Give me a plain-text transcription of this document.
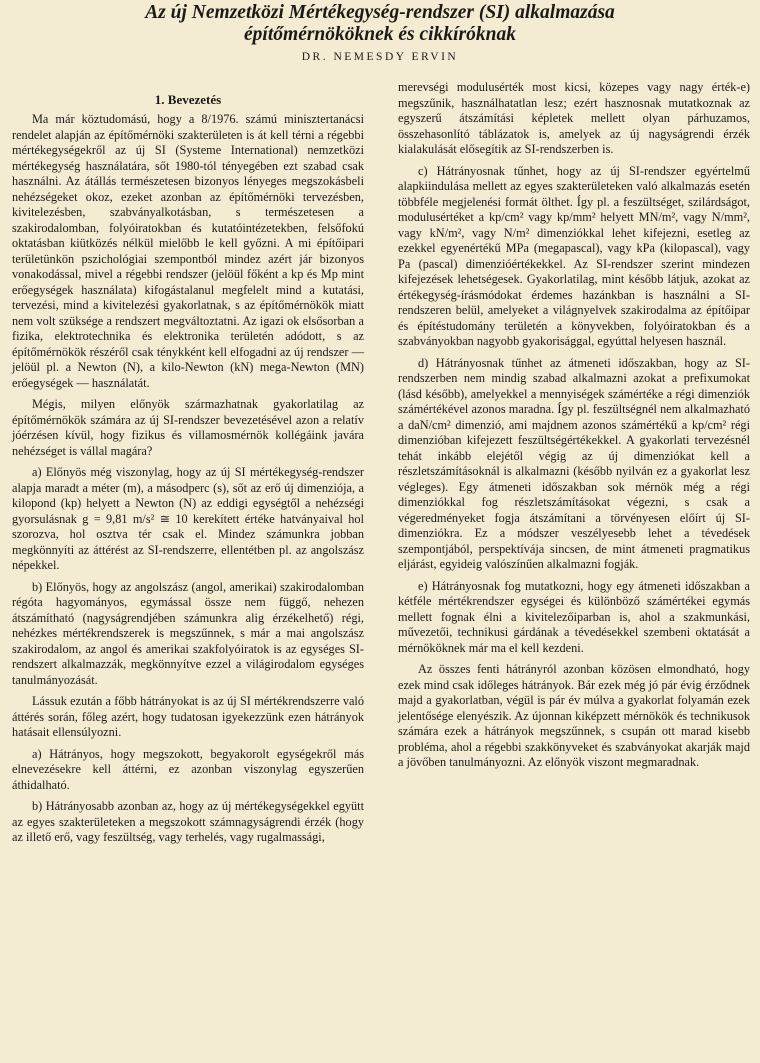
Az új Nemzetközi Mértékegység-rendszer (SI) alkalmazása
építőmérnököknek és cikkíróknak
DR. NEMESDY ERVIN
1. Bevezetés

Ma már köztudomású, hogy a 8/1976. számú minisztertanácsi rendelet alapján az építőmérnöki szakterületen is át kell térni a régebbi mértékegységekről az új SI (Systeme International) nemzetközi mértékegység használatára, sőt 1980-tól tényegében ezt szabad csak használni. Az átállás természetesen bizonyos lényeges megszokásbeli nehézségeket okoz, ezeket azonban az építőmérnöki tervezésben, kivitelezésben, szabványalkotásban, s természetesen a szakirodalomban, folyóiratokban és kutatóintézetekben, felsőfokú oktatásban kiütközés nélkül mielőbb le kell győzni. A mi építőipari területünkön pszichológiai szempontból mindez azért jár bizonyos vonakodással, mivel a régebbi rendszer (jelöül főként a kp és Mp mint erőegységek használata) kifogástalanul megfelelt mind a kutatási, tervezési, mind a kivitelezési gyakorlatnak, s az építőmérnökök miatt nem volt szüksége a rendszert megváltoztatni. Az igazi ok elsősorban a fizika, elektrotechnika és elektronika területén adódott, s az építőmérnökök részéről csak ténykként kell elfogadni az új rendszer — jelöül pl. a Newton (N), a kilo-Newton (kN) mega-Newton (MN) erőegységek — használatát.

Mégis, milyen előnyök származhatnak gyakorlatilag az építőmérnökök számára az új SI-rendszer bevezetésével azon a relatív jóérzésen kívül, hogy fizikus és villamosmérnök kollégáink javára nehézséget is vállal magára?

a) Előnyös még viszonylag, hogy az új SI mértékegység-rendszer alapja maradt a méter (m), a másodperc (s), sőt az erő új dimenziója, a kilopond (kp) helyett a Newton (N) az eddigi egységtől a nehézségi gyorsulásnak g = 9,81 m/s² ≅ 10 kerekített értéke hatványaival hol szorozva, hol osztva tér csak el. Mindez számunkra jobban megkönnyíti az áttérést az SI-rendszerre, ellentétben pl. az angolszász népekkel.

b) Előnyös, hogy az angolszász (angol, amerikai) szakirodalomban régóta hagyományos, egymással össze nem függő, nehezen átszámítható (nagyságrendjében számunkra alig érzékelhető) régi, nehézkes mértékrendszerek is megszűnnek, s már a mai angolszász szakirodalom, az angol és amerikai szakfolyóiratok is az egységes SI-rendszert alkalmazzák, megkönnyítve ezzel a világirodalom egységes tanulmányozását.

Lássuk ezután a főbb hátrányokat is az új SI mértékrendszerre való áttérés során, főleg azért, hogy tudatosan igyekezzünk ezen hátrányok hatásait ellensúlyozni.

a) Hátrányos, hogy megszokott, begyakorolt egységekről más elnevezésekre kell áttérni, ez azonban viszonylag egyszerűen áthidalható.

b) Hátrányosabb azonban az, hogy az új mértékegységekkel együtt az egyes szakterületeken a megszokott számnagyságrendi érzék (hogy az illető erő, vagy feszültség, vagy terhelés, vagy rugalmassági,

merevségi modulusérték most kicsi, közepes vagy nagy érték-e) megszűnik, használhatatlan lesz; ezért hasznosnak mutatkoznak az egyszerű átszámítási képletek mellett olyan párhuzamos, összehasonlító táblázatok is, amelyek az új nagyságrendi érzék kialakulását elősegítik az SI-rendszerben is.

c) Hátrányosnak tűnhet, hogy az új SI-rendszer egyértelmű alapkiindulása mellett az egyes szakterületeken való alkalmazás esetén többféle megjelenési formát ölthet. Így pl. a feszültséget, szilárdságot, modulusértéket a kp/cm² vagy kp/mm² helyett MN/m², vagy N/mm², vagy kN/m², vagy N/m² dimenziókkal lehet kifejezni, esetleg az ezekkel egyenértékű MPa (megapascal), vagy kPa (kilopascal), vagy Pa (pascal) dimenzióértékekkel. Az SI-rendszer szerint mindezen kifejezések lehetségesek. Gyakorlatilag, mint később látjuk, azokat az értékegység-írásmódokat érdemes hazánkban is használni a SI-rendszeren belül, amelyeket a világnyelvek szakirodalma az építőipar és építéstudomány területén a könyvekben, folyóiratokban és a szabványokban nagyobb gyakorisággal, egyúttal helyesen használ.

d) Hátrányosnak tűnhet az átmeneti időszakban, hogy az SI-rendszerben nem mindig szabad alkalmazni azokat a prefixumokat (lásd később), amelyekkel a mennyiségek számértéke a régi dimenziók számértékével azonos maradna. Így pl. feszültségnél nem alkalmazható a daN/cm² dimenzió, ami majdnem azonos számértékű a kp/cm² régi dimenzióban kifejezett feszültségértékekkel. A gyakorlati tervezésnél tehát inkább elejétől végig az új dimenziókat kell a részletszámításoknál is alkalmazni (később nyilván ez a gyakorlat lesz végleges). Egy átmeneti időszakban sok mérnök még a régi dimenziókkal fog részletszámításokat végezni, s csak a végeredményeket fogja átszámítani a törvényesen előírt új SI-dimenziókra. Ez a módszer veszélyesebb lehet a tévedések szempontjából, perspektívája sincsen, de mint átmeneti pragmatikus eljárást, egyideig valószínűen alkalmazni fogják.

e) Hátrányosnak fog mutatkozni, hogy egy átmeneti időszakban a kétféle mértékrendszer egységei és különböző számértékei egymás mellett fognak élni a kivitelezőiparban is, ahol a szakmunkási, művezetői, technikusi gárdának a tévedésekkel szembeni oktatását a mérnököknek már ma el kell kezdeni.

Az összes fenti hátrányról azonban közösen elmondható, hogy ezek mind csak időleges hátrányok. Bár ezek még jó pár évig érződnek majd a gyakorlatban, végül is pár év múlva a gyakorlat folyamán ezek jelentősége elenyészik. Az újonnan kiképzett mérnökök és technikusok számára ezek a hátrányok megszűnnek, s csupán ott marad kisebb probléma, ahol a régebbi szakkönyveket és szabványokat akarják majd a jövőben tanulmányozni. Az előnyök viszont megmaradnak.
